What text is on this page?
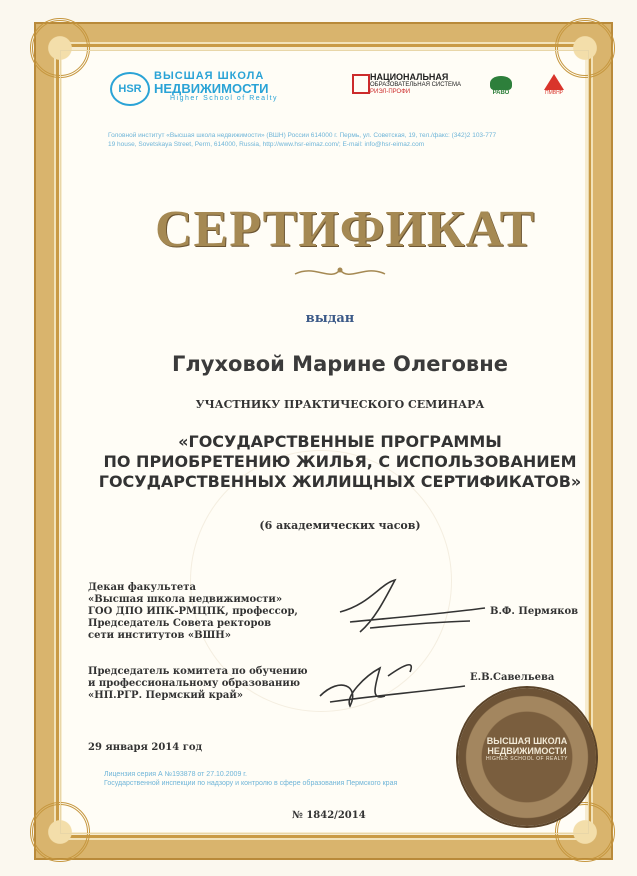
HSR
ВЫСШАЯ ШКОЛА
НЕДВИЖИМОСТИ
Higher School of Realty
НАЦИОНАЛЬНАЯ
ОБРАЗОВАТЕЛЬНАЯ СИСТЕМА
РИЭЛ-ПРОФИ	РАВО	ПМВНР
Головной институт «Высшая школа недвижимости» (ВШН) России 614000 г. Пермь, ул. Советская, 19, тел./факс: (342)2 103-777
19 house, Sovetskaya Street, Perm, 614000, Russia, http://www.hsr-eimaz.com/; E-mail: info@hsr-eimaz.com
СЕРТИФИКАТ
выдан
Глуховой Марине Олеговне
УЧАСТНИКУ ПРАКТИЧЕСКОГО СЕМИНАРА
«ГОСУДАРСТВЕННЫЕ ПРОГРАММЫ
ПО ПРИОБРЕТЕНИЮ ЖИЛЬЯ, С ИСПОЛЬЗОВАНИЕМ
ГОСУДАРСТВЕННЫХ ЖИЛИЩНЫХ СЕРТИФИКАТОВ»
(6 академических часов)
Декан факультета
«Высшая школа недвижимости»
ГОО ДПО ИПК-РМЦПК, профессор,
Председатель Совета ректоров
сети институтов «ВШН»
В.Ф. Пермяков
Председатель комитета по обучению
и профессиональному образованию
«НП.РГР. Пермский край»
Е.В.Савельева
29 января 2014 год
Лицензия серия А №193878 от 27.10.2009 г.
Государственной инспекции по надзору и контролю в сфере образования Пермского края
№ 1842/2014
ВЫСШАЯ ШКОЛА
НЕДВИЖИМОСТИ
HIGHER SCHOOL OF REALTY
